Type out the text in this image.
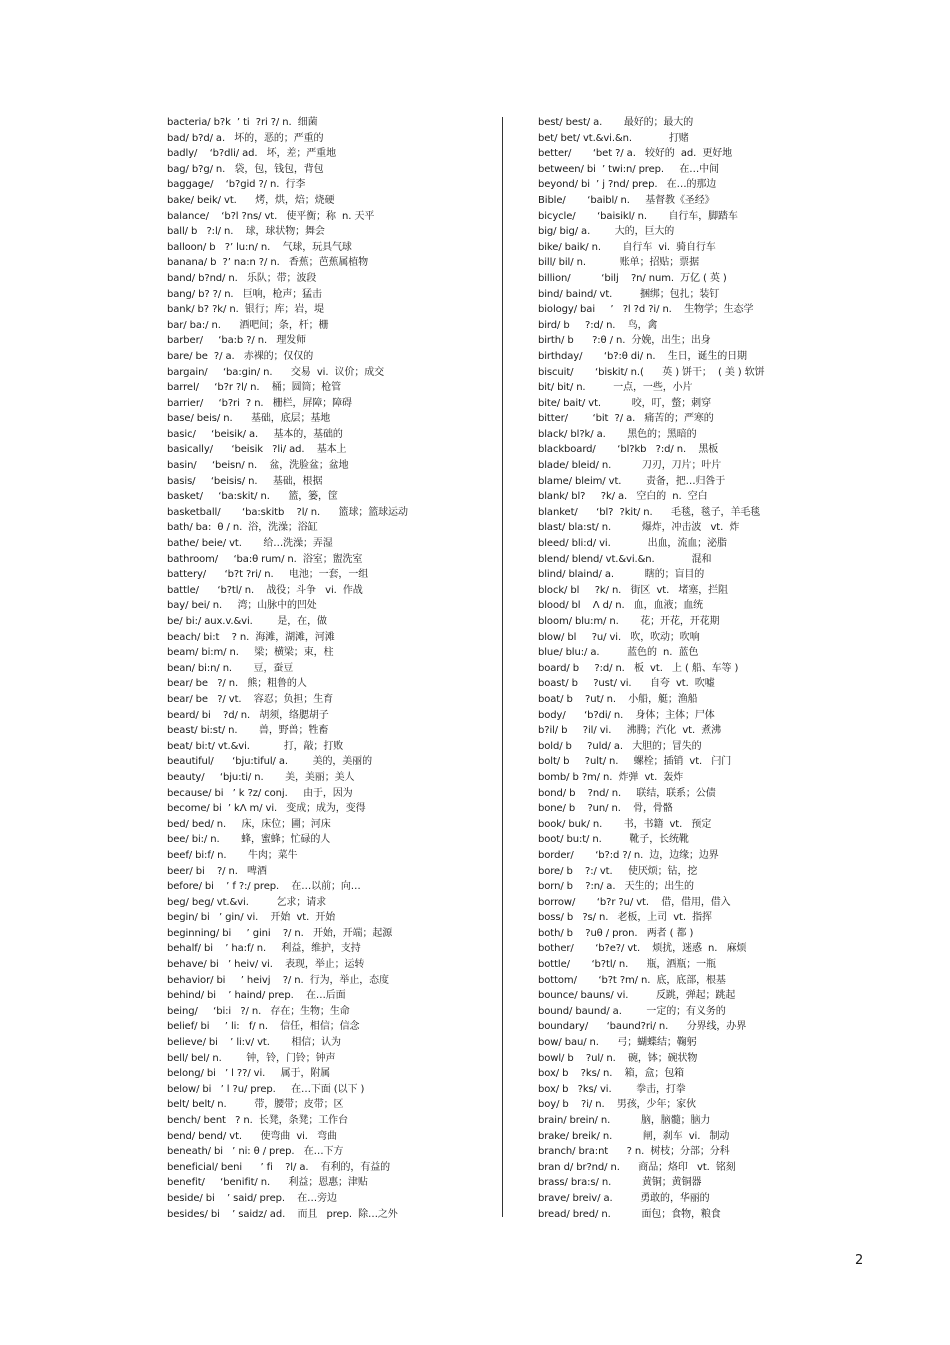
bacteria/ b?k  ’ ti  ?ri ?/ n.  细菌
bad/ b?d/ a.   坏的，恶的；严重的
badly/    ‘b?dli/ ad.   坏，差；严重地
bag/ b?g/ n.   袋，包，钱包，背包
baggage/    ‘b?gid ?/ n.  行李
bake/ beik/ vt.      烤，烘，焙；烧硬
balance/    ‘b?l ?ns/ vt.   使平衡；称  n. 天平
ball/ b   ?:l/ n.    球，球状物；舞会
balloon/ b   ?’ lu:n/ n.    气球，玩具气球
banana/ b  ?’ na:n ?/ n.   香蕉；芭蕉属植物
band/ b?nd/ n.   乐队；带；波段
bang/ b? ?/ n.   巨响，枪声；猛击
bank/ b? ?k/ n.  银行；库；岩，堤
bar/ ba:/ n.      酒吧间；条，杆；栅
barber/     ‘ba:b ?/ n.   理发师
bare/ be  ?/ a.   赤裸的；仅仅的
bargain/     ‘ba:gin/ n.      交易  vi.  议价；成交
barrel/     ‘b?r ?l/ n.    桶；圆筒；枪管
barrier/     ‘b?ri  ? n.   栅栏，屏障；障碍
base/ beis/ n.      基础，底层；基地
basic/     ‘beisik/ a.     基本的，基础的
basically/      ‘beisik   ?li/ ad.    基本上
basin/     ‘beisn/ n.    盆，洗脸盆；盆地
basis/     ‘beisis/ n.     基础，根据
basket/     ‘ba:skit/ n.      篮，篓，筐
basketball/       ‘ba:skitb    ?l/ n.      篮球；篮球运动
bath/ ba:  θ / n.  浴，洗澡；浴缸
bathe/ beie/ vt.       给…洗澡；弄湿
bathroom/     ‘ba:θ rum/ n.  浴室；盥洗室
battery/      ‘b?t ?ri/ n.     电池；一套，一组
battle/      ‘b?tl/ n.    战役；斗争   vi.  作战
bay/ bei/ n.     湾；山脉中的凹处
be/ bi:/ aux.v.&vi.        是，在，做
beach/ bi:t    ? n.  海滩，湖滩，河滩
beam/ bi:m/ n.     梁；横梁；束，柱
bean/ bi:n/ n.       豆，蚕豆
bear/ be   ?/ n.   熊；粗鲁的人
bear/ be   ?/ vt.    容忍；负担；生育
beard/ bi    ?d/ n.   胡须，络腮胡子
beast/ bi:st/ n.       兽，野兽；牲畜
beat/ bi:t/ vt.&vi.           打，敲；打败
beautiful/      ‘bju:tiful/ a.        美的，美丽的
beauty/     ‘bju:ti/ n.       美，美丽；美人
because/ bi   ’ k ?z/ conj.     由于，因为
become/ bi  ’ kΛ m/ vi.   变成；成为，变得
bed/ bed/ n.     床，床位；圃；河床
bee/ bi:/ n.       蜂，蜜蜂；忙碌的人
beef/ bi:f/ n.       牛肉；菜牛
beer/ bi    ?/ n.   啤酒
before/ bi    ’ f ?:/ prep.    在…以前；向…
beg/ beg/ vt.&vi.         乞求；请求
begin/ bi   ’ gin/ vi.    开始  vt.  开始
beginning/ bi     ’ gini    ?/ n.   开始，开端；起源
behalf/ bi    ’ ha:f/ n.     利益，维护，支持
behave/ bi   ’ heiv/ vi.    表现，举止；运转
behavior/ bi     ’ heivj    ?/ n.  行为，举止，态度
behind/ bi    ’ haind/ prep.    在…后面
being/     ‘bi:i   ?/ n.   存在；生物；生命
belief/ bi     ’ li:   f/ n.    信任，相信；信念
believe/ bi    ’ li:v/ vt.       相信；认为
bell/ bel/ n.        钟，铃，门铃；钟声
belong/ bi   ’ l ??/ vi.     属于，附属
below/ bi   ’ l ?u/ prep.     在…下面 (以下 )
belt/ belt/ n.         带，腰带；皮带；区
bench/ bent   ? n.  长凳，条凳；工作台
bend/ bend/ vt.      使弯曲  vi.   弯曲
beneath/ bi   ’ ni: θ / prep.   在…下方
beneficial/ beni      ’ fi    ?l/ a.    有利的，有益的
benefit/     ‘benifit/ n.      利益；恩惠；津贴
beside/ bi    ’ said/ prep.    在…旁边
besides/ bi    ’ saidz/ ad.    而且   prep.  除…之外
best/ best/ a.       最好的；最大的
bet/ bet/ vt.&vi.&n.            打赌
better/       ‘bet ?/ a.   较好的  ad.  更好地
between/ bi  ’ twi:n/ prep.     在…中间
beyond/ bi  ’ j ?nd/ prep.   在…的那边
Bible/       ‘baibl/ n.     基督教《圣经》
bicycle/       ‘baisikl/ n.       自行车，脚踏车
big/ big/ a.        大的，巨大的
bike/ baik/ n.       自行车  vi.  骑自行车
bill/ bil/ n.           账单；招贴；票据
billion/          ‘bilj    ?n/ num.  万亿 ( 英 )
bind/ baind/ vt.         捆绑；包扎；装钉
biology/ bai     ’   ?l ?d ?i/ n.    生物学；生态学
bird/ b     ?:d/ n.    鸟，禽
birth/ b      ?:θ / n.  分娩，出生；出身
birthday/       ‘b?:θ di/ n.    生日，诞生的日期
biscuit/       ‘biskit/ n.(      英 ) 饼干；  ( 美 ) 软饼
bit/ bit/ n.         一点，一些，小片
bite/ bait/ vt.          咬，叮，螫；刺穿
bitter/        ‘bit  ?/ a.   痛苦的；严寒的
black/ bl?k/ a.       黑色的；黑暗的
blackboard/       ‘bl?kb   ?:d/ n.    黑板
blade/ bleid/ n.          刀刃，刀片；叶片
blame/ bleim/ vt.        责备，把…归咎于
blank/ bl?     ?k/ a.   空白的  n.  空白
blanket/      ‘bl?  ?kit/ n.      毛毯，毯子，羊毛毯
blast/ bla:st/ n.          爆炸，冲击波   vt.  炸
bleed/ bli:d/ vi.            出血，流血；泌脂
blend/ blend/ vt.&vi.&n.            混和
blind/ blaind/ a.          瞎的；盲目的
block/ bl     ?k/ n.   街区  vt.   堵塞，拦阻
blood/ bl    Λ d/ n.   血，血液；血统
bloom/ blu:m/ n.       花；开花，开花期
blow/ bl     ?u/ vi.   吹，吹动；吹响
blue/ blu:/ a.         蓝色的  n.  蓝色
board/ b     ?:d/ n.   板  vt.   上 ( 船、车等 )
boast/ b     ?ust/ vi.      自夸  vt.  吹嘘
boat/ b    ?ut/ n.    小船，艇；渔船
body/      ‘b?di/ n.    身体；主体；尸体
b?il/ b     ?il/ vi.     沸腾；汽化  vt.  煮沸
bold/ b     ?uld/ a.   大胆的；冒失的
bolt/ b     ?ult/ n.     螺栓；插销  vt.   闩门
bomb/ b ?m/ n.  炸弹  vt.  轰炸
bond/ b    ?nd/ n.     联结，联系；公债
bone/ b    ?un/ n.    骨，骨骼
book/ buk/ n.       书，书籍  vt.   预定
boot/ bu:t/ n.         靴子，长统靴
border/       ‘b?:d ?/ n.  边，边缘；边界
bore/ b    ?:/ vt.     使厌烦；钻，挖
born/ b    ?:n/ a.   天生的；出生的
borrow/       ‘b?r ?u/ vt.    借，借用，借入
boss/ b   ?s/ n.   老板，上司  vt.  指挥
both/ b    ?uθ / pron.   两者 ( 都 )
bother/       ‘b?e?/ vt.    烦扰，迷惑  n.   麻烦
bottle/       ‘b?tl/ n.      瓶，酒瓶；一瓶
bottom/       ‘b?t ?m/ n.  底，底部，根基
bounce/ bauns/ vi.         反跳，弹起；跳起
bound/ baund/ a.        一定的；有义务的
boundary/      ‘baund?ri/ n.      分界线，办界
bow/ bau/ n.      弓；蝴蝶结；鞠躬
bowl/ b    ?ul/ n.    碗，钵；碗状物
box/ b    ?ks/ n.    箱，盒；包箱
box/ b   ?ks/ vi.        拳击，打拳
boy/ b    ?i/ n.    男孩，少年；家伙
brain/ brein/ n.          脑，脑髓；脑力
brake/ breik/ n.          闸，刹车  vi.   制动
branch/ bra:nt      ? n.  树枝；分部；分科
bran d/ br?nd/ n.      商品；烙印   vt.  铭刻
brass/ bra:s/ n.          黄铜；黄铜器
brave/ breiv/ a.         勇敢的，华丽的
bread/ bred/ n.          面包；食物，粮食
2
